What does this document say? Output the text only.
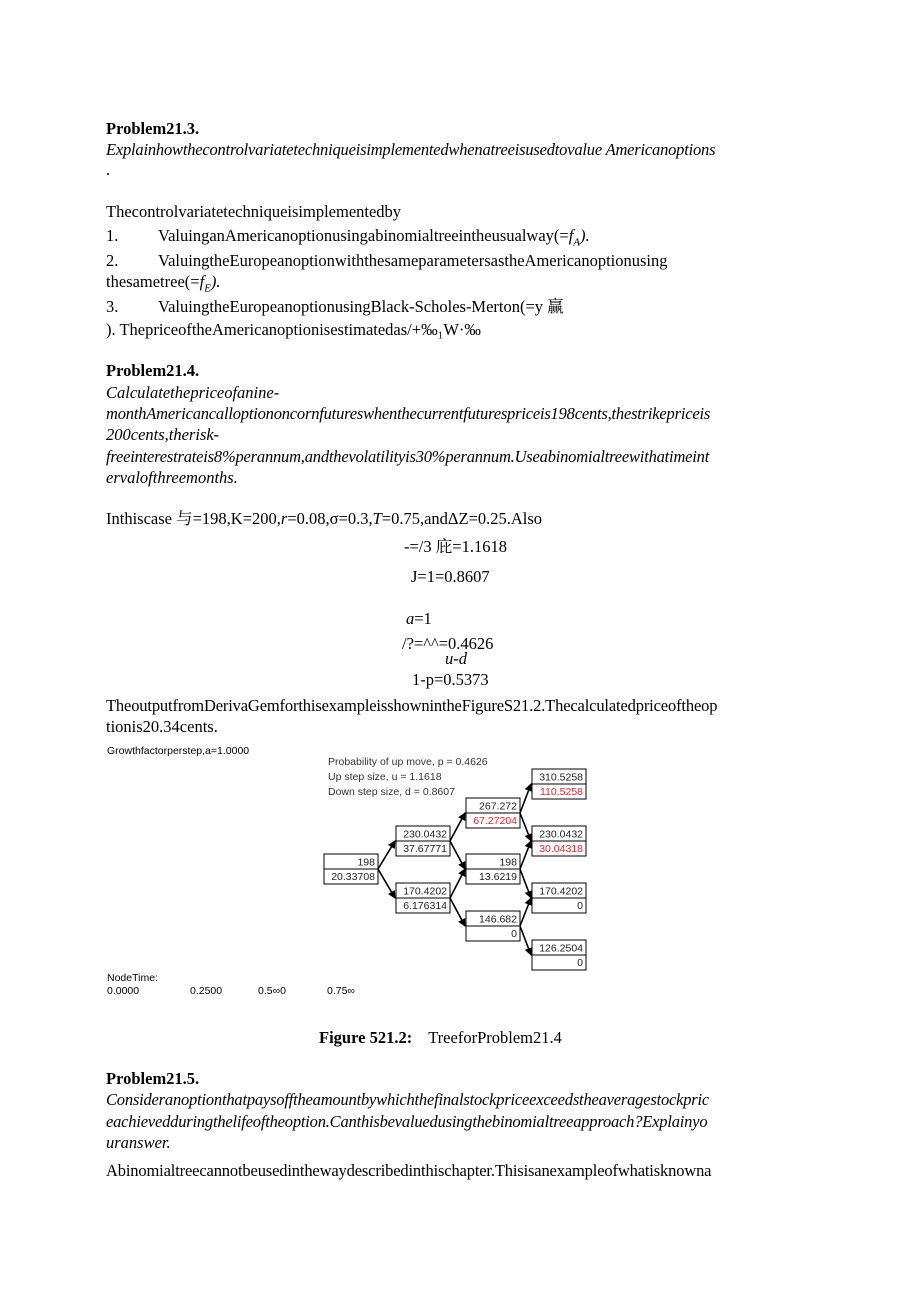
Problem21.3.
Explainhowthecontrolvariatetechniqueisimplementedwhenatreeisusedtovalue Americanoptions
.
Thecontrolvariatetechniqueisimplementedby
1. $ValuinganAmericanoptionusingabinomialtreeintheusualway(=f_A)$.
2. ValuingtheEuropeanoptionwiththesameparametersastheAmericanoptionusing
$thesametree(=f_E)$.
3. ValuingtheEuropeanoptionusingBlack-Scholes-Merton(=y 赢
). ThepriceoftheAmericanoptionisestimatedas/+‰₁W·‰
Problem21.4.
Calculatethepriceofanine-
monthAmericancalloptiononcornfutureswhenthecurrentfuturespriceis198cents,thestrikepriceis
200cents,therisk-
freeinterestrateis8%perannum,andthevolatilityis30%perannum.Useabinomialtreewithatimeint
ervalofthreemonths.
Inthiscase 与=198,K=200,r=0.08,σ=0.3,T=0.75,andΔZ=0.25.Also
-=/3 庇=1.1618
J=1=0.8607
a=1
/?=^^=0.4626
u-d
1-p=0.5373
TheoutputfromDerivaGemforthisexampleisshownintheFigureS21.2.Thecalculatedpriceoftheop
tionis20.34cents.
Growthfactorperstep,a=1.0000
Probability of up move, p = 0.4626
Up step size, u = 1.1618
Down step size, d = 0.8607
198
20.33708
230.0432
37.67771
170.4202
6.176314
267.272
67.27204
198
13.6219
146.682
0
310.5258
110.5258
230.0432
30.04318
170.4202
0
126.2504
0
NodeTime:
0.0000	0.2500	0.5∞0	0.75∞
Figure 521.2: TreeforProblem21.4
Problem21.5.
Consideranoptionthatpaysofftheamountbywhichthefinalstockpriceexceedstheaveragestockpric
eachievedduringthelifeoftheoption.Canthisbevaluedusingthebinomialtreeapproach?Explainyo
uranswer.
Abinomialtreecannotbeusedinthewaydescribedinthischapter.Thisisanexampleofwhatisknowna
